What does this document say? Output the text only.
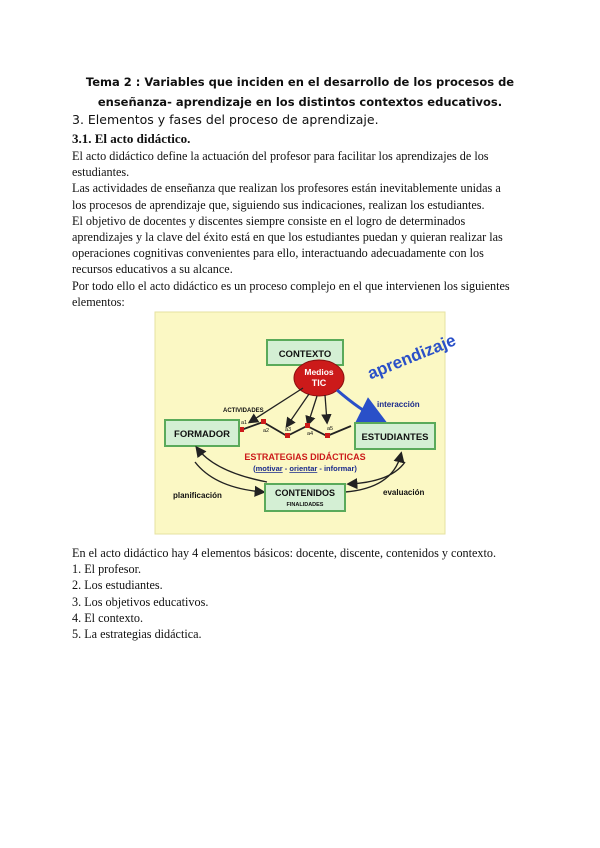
Tema 2 : Variables que inciden en el desarrollo de los procesos de
enseñanza- aprendizaje en los distintos contextos educativos.
3. Elementos y fases del proceso de aprendizaje.
3.1. El acto didáctico.

El acto didáctico define la actuación del profesor para facilitar los aprendizajes de los estudiantes.

Las actividades de enseñanza que realizan los profesores están inevitablemente unidas a los procesos de aprendizaje que, siguiendo sus indicaciones, realizan los estudiantes.

El objetivo de docentes y discentes siempre consiste en el logro de determinados aprendizajes y la clave del éxito está en que los estudiantes puedan y quieran realizar las operaciones cognitivas convenientes para ello, interactuando adecuadamente con los recursos educativos a su alcance.

Por todo ello el acto didáctico es un proceso complejo en el que intervienen los siguientes elementos:

CONTEXTO
Medios
TIC aprendizaje
interacción
ACTIVIDADES
a1
a2	a3
a4
a5
FORMADOR	ESTUDIANTES
ESTRATEGIAS DIDÁCTICAS
(motivar - orientar - informar)
planificación	evaluación
CONTENIDOS
FINALIDADES

En el acto didáctico hay 4 elementos básicos: docente, discente, contenidos y contexto.

1. El profesor.

2. Los estudiantes.

3. Los objetivos educativos.

4. El contexto.

5. La estrategias didáctica.
